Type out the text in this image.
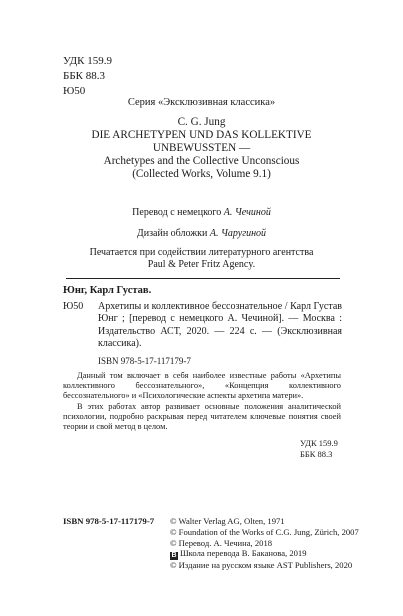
УДК 159.9
ББК 88.3
Ю50
Серия «Эксклюзивная классика»
C. G. Jung
DIE ARCHETYPEN UND DAS KOLLEKTIVE
UNBEWUSSTEN —
Archetypes and the Collective Unconscious
(Collected Works, Volume 9.1)
Перевод с немецкого А. Чечиной
Дизайн обложки А. Чаругиной
Печатается при содействии литературного агентства
Paul & Peter Fritz Agency.
Юнг, Карл Густав.
Ю50 Архетипы и коллективное бессознательное / Карл Густав Юнг ; [перевод с немецкого А. Чечиной]. — Москва : Издательство АСТ, 2020. — 224 с. — (Эксклюзивная классика).
ISBN 978-5-17-117179-7

Данный том включает в себя наиболее известные работы «Архетипы коллективного бессознательного», «Концепция коллективного бессознательного» и «Психологические аспекты архетипа матери».

В этих работах автор развивает основные положения аналитической психологии, подробно раскрывая перед читателем ключевые понятия своей теории и свой метод в целом.

УДК 159.9
ББК 88.3
ISBN 978-5-17-117179-7 © Walter Verlag AG, Olten, 1971
© Foundation of the Works of C.G. Jung, Zürich, 2007
© Перевод. А. Чечина, 2018
В Школа перевода В. Баканова, 2019
© Издание на русском языке AST Publishers, 2020
